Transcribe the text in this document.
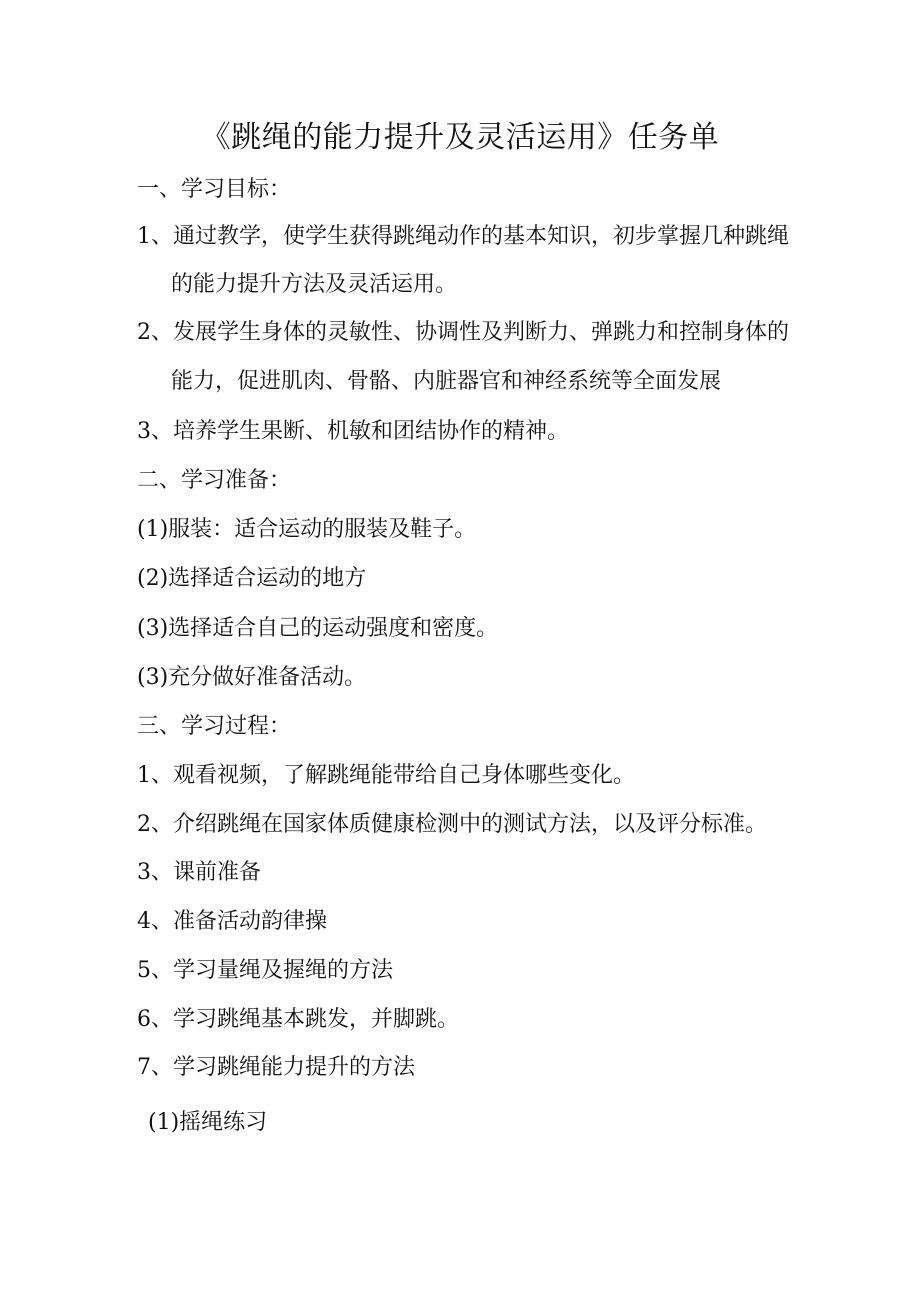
《跳绳的能力提升及灵活运用》任务单
一、学习目标：
1、通过教学，使学生获得跳绳动作的基本知识，初步掌握几种跳绳
的能力提升方法及灵活运用。
2、发展学生身体的灵敏性、协调性及判断力、弹跳力和控制身体的
能力，促进肌肉、骨骼、内脏器官和神经系统等全面发展
3、培养学生果断、机敏和团结协作的精神。
二、学习准备：
(1)服装：适合运动的服装及鞋子。
(2)选择适合运动的地方
(3)选择适合自己的运动强度和密度。
(3)充分做好准备活动。
三、学习过程：
1、观看视频，了解跳绳能带给自己身体哪些变化。
2、介绍跳绳在国家体质健康检测中的测试方法，以及评分标准。
3、课前准备
4、准备活动韵律操
5、学习量绳及握绳的方法
6、学习跳绳基本跳发，并脚跳。
7、学习跳绳能力提升的方法
(1)摇绳练习
